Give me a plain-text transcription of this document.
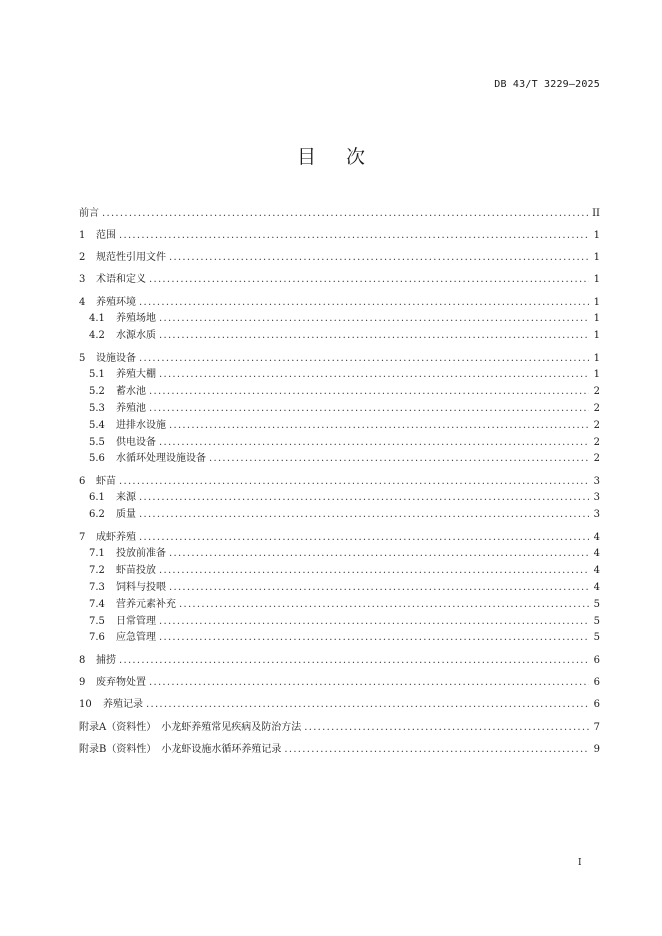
DB 43/T 3229—2025
目次
前言 .....	II
1	范围 .....	1
2	规范性引用文件 .....	1
3	术语和定义 .....	1
4	养殖环境 .....	1
4.1	养殖场地 .....	1
4.2	水源水质 .....	1
5	设施设备 .....	1
5.1	养殖大棚 .....	1
5.2	蓄水池 .....	2
5.3	养殖池 .....	2
5.4	进排水设施 .....	2
5.5	供电设备 .....	2
5.6	水循环处理设施设备 .....	2
6	虾苗 .....	3
6.1	来源 .....	3
6.2	质量 .....	3
7	成虾养殖 .....	4
7.1	投放前准备 .....	4
7.2	虾苗投放 .....	4
7.3	饲料与投喂 .....	4
7.4	营养元素补充 .....	5
7.5	日常管理 .....	5
7.6	应急管理 .....	5
8	捕捞 .....	6
9	废弃物处置 .....	6
10	养殖记录 .....	6
附录A（资料性）　小龙虾养殖常见疾病及防治方法 .....	7
附录B（资料性）　小龙虾设施水循环养殖记录 .....	9
I
